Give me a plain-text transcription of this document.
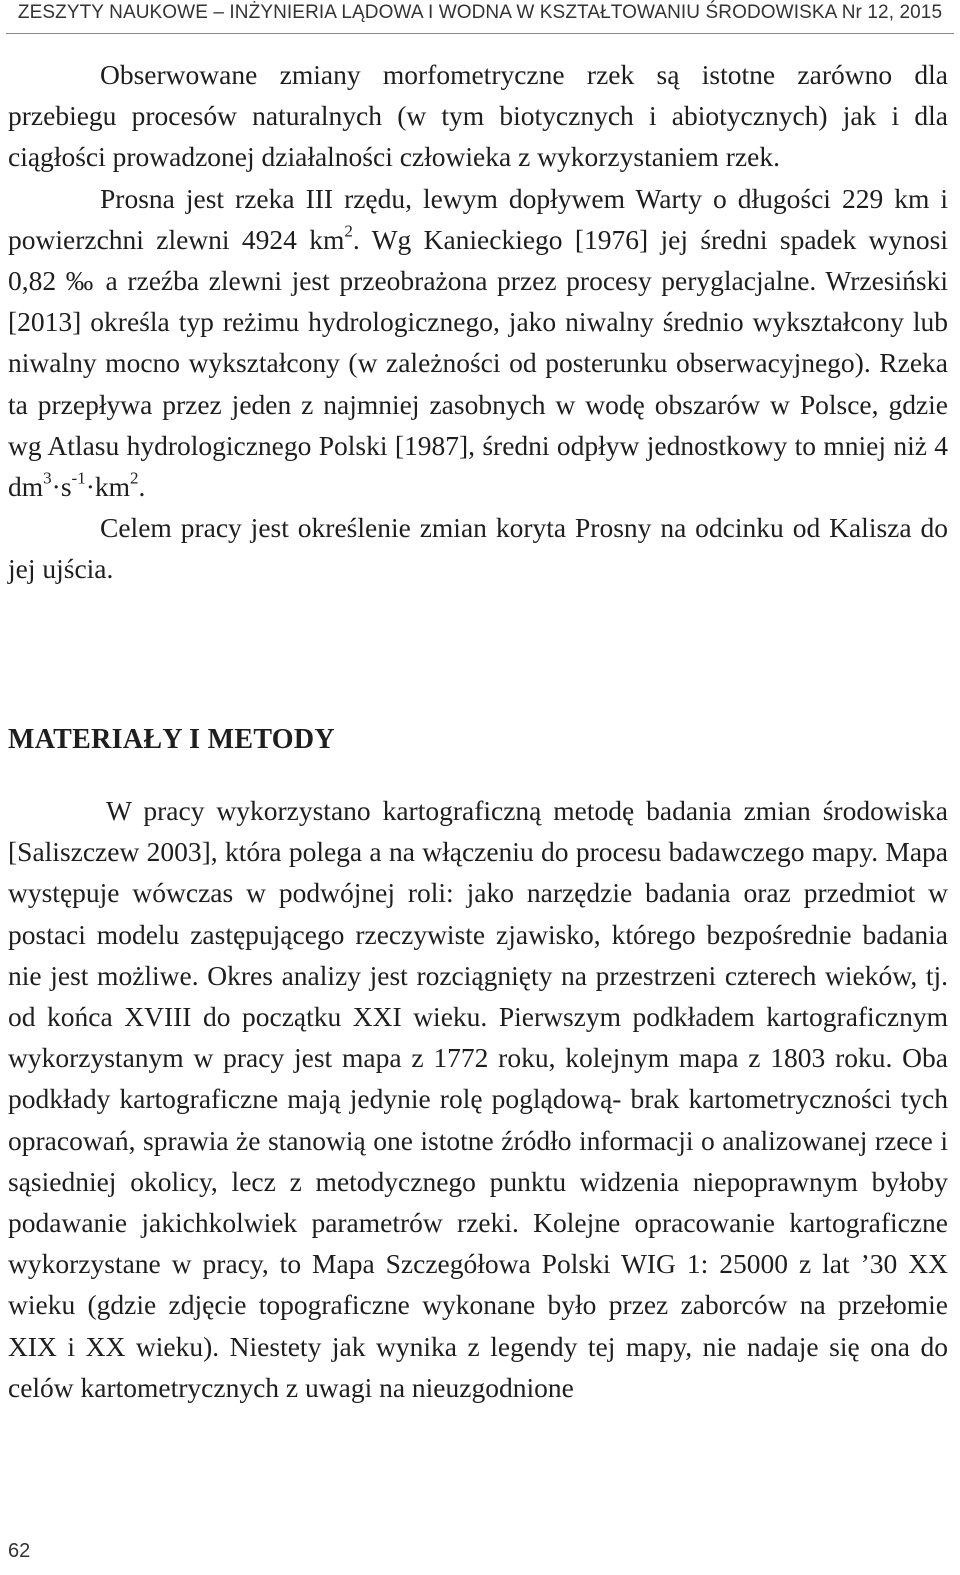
ZESZYTY NAUKOWE – INŻYNIERIA LĄDOWA I WODNA W KSZTAŁTOWANIU ŚRODOWISKA Nr 12, 2015

Obserwowane zmiany morfometryczne rzek są istotne zarówno dla przebiegu procesów naturalnych (w tym biotycznych i abiotycznych) jak i dla ciągłości prowadzonej działalności człowieka z wykorzystaniem rzek.

Prosna jest rzeka III rzędu, lewym dopływem Warty o długości 229 km i powierzchni zlewni 4924 $km^2$. Wg Kanieckiego [1976] jej średni spadek wynosi 0,82 ‰ a rzeźba zlewni jest przeobrażona przez procesy peryglacjalne. Wrzesiński [2013] określa typ reżimu hydrologicznego, jako niwalny średnio wykształcony lub niwalny mocno wykształcony (w zależności od posterunku obserwacyjnego). Rzeka ta przepływa przez jeden z najmniej zasobnych w wodę obszarów w Polsce, gdzie wg Atlasu hydrologicznego Polski [1987], średni odpływ jednostkowy to mniej niż 4 $dm^3\cdot s^{-1}\cdot km^2$.

Celem pracy jest określenie zmian koryta Prosny na odcinku od Kalisza do jej ujścia.

MATERIAŁY I METODY

W pracy wykorzystano kartograficzną metodę badania zmian środowiska [Saliszczew 2003], która polega a na włączeniu do procesu badawczego mapy. Mapa występuje wówczas w podwójnej roli: jako narzędzie badania oraz przedmiot w postaci modelu zastępującego rzeczywiste zjawisko, którego bezpośrednie badania nie jest możliwe. Okres analizy jest rozciągnięty na przestrzeni czterech wieków, tj. od końca XVIII do początku XXI wieku. Pierwszym podkładem kartograficznym wykorzystanym w pracy jest mapa z 1772 roku, kolejnym mapa z 1803 roku. Oba podkłady kartograficzne mają jedynie rolę poglądową- brak kartometryczności tych opracowań, sprawia że stanowią one istotne źródło informacji o analizowanej rzece i sąsiedniej okolicy, lecz z metodycznego punktu widzenia niepoprawnym byłoby podawanie jakichkolwiek parametrów rzeki. Kolejne opracowanie kartograficzne wykorzystane w pracy, to Mapa Szczegółowa Polski WIG 1: 25000 z lat ’30 XX wieku (gdzie zdjęcie topograficzne wykonane było przez zaborców na przełomie XIX i XX wieku). Niestety jak wynika z legendy tej mapy, nie nadaje się ona do celów kartometrycznych z uwagi na nieuzgodnione

62
